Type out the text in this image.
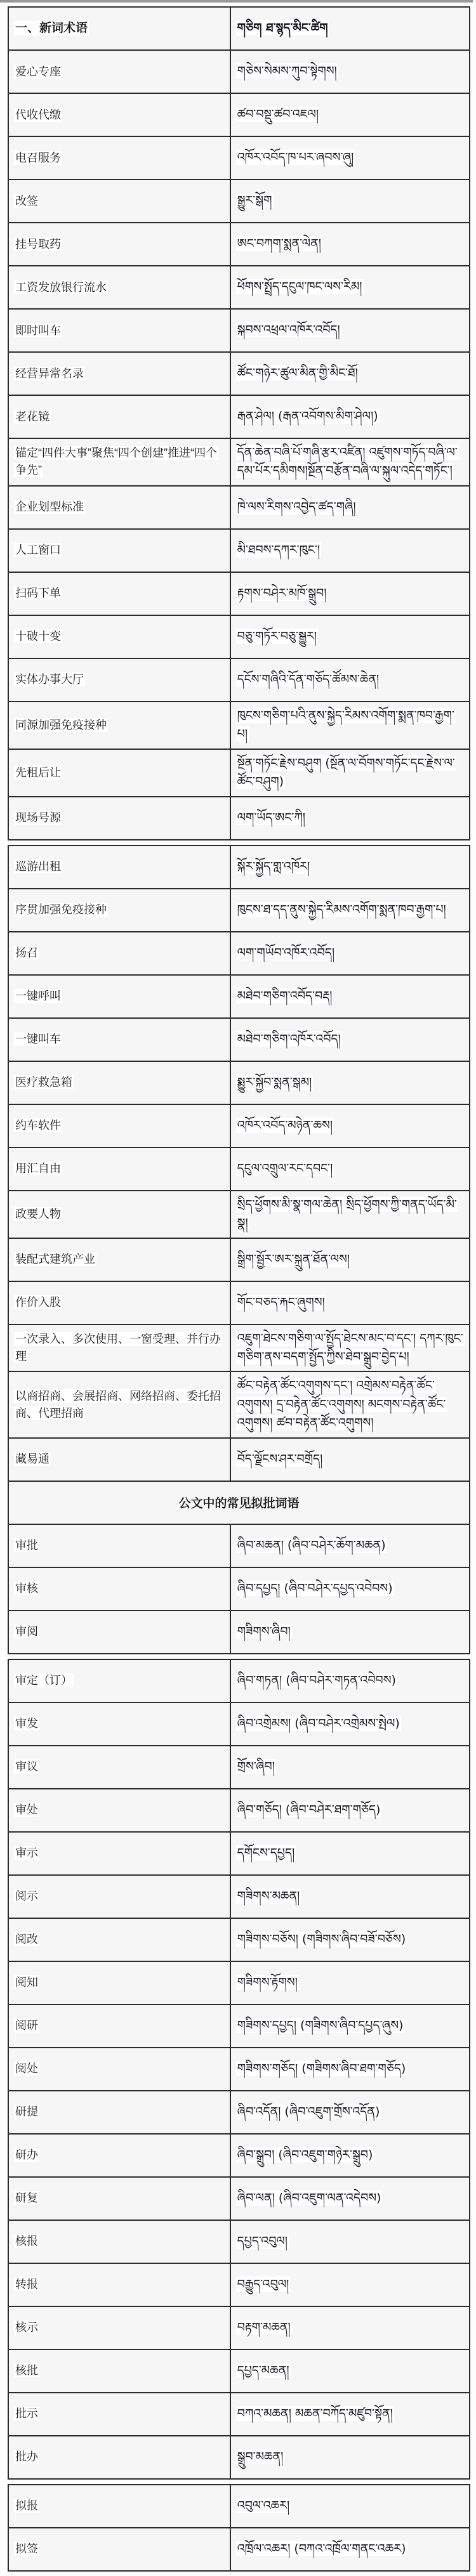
一、新词术语	གཅིག ཐ་སྙད་མིང་ཚིག
爱心专座	གཅེས་སེམས་ཀུབ་སྟེགས།
代收代缴	ཚབ་བསྡུ་ཚབ་འཇལ།
电召服务	འཁོར་འབོད་ཁ་པར་ཞབས་ཞུ།
改签	སྒྱུར་སྒོག
挂号取药	ཨང་བཀག་སྨན་ལེན།
工资发放银行流水	ཕོགས་སྤྲོད་དངུལ་ཁང་ལས་རིམ།
即时叫车	སྐབས་འཕྲལ་འཁོར་འབོད།
经营异常名录	ཚོང་གཉེར་ཚུལ་མིན་གྱི་མིང་ཐོ།
老花镜	རྒན་ཤེལ། (རྒན་འབོགས་མིག་ཤེལ།)
锚定“四件大事”聚焦“四个创建”推进“四个争先”	དོན་ཆེན་བཞི་པོ་གཞི་རྩར་འཛིན། འཛུགས་གཏོད་བཞི་ལ་དམ་པོར་དམིགས།སྔོན་བརྩོན་བཞི་ལ་སྐུལ་འདེད་གཏོང་།
企业划型标准	ཁེ་ལས་རིགས་འབྱེད་ཚད་གཞི།
人工窗口	མི་ཐབས་དཀར་ཁུང་།
扫码下单	རྟགས་བཤེར་མཁོ་སྒྲུབ།
十破十变	བཅུ་གཏོར་བཅུ་སྒྱུར།
实体办事大厅	དངོས་གཞིའི་དོན་གཅོད་ཚོམས་ཆེན།
同源加强免疫接种	ཁུངས་གཅིག་པའི་ནུས་སྐྱེད་རིམས་འགོག་སྨན་ཁབ་རྒྱག་པ།
先租后让	སྔོན་གཏོང་རྗེས་བཤུག (སྔོན་ལ་བོགས་གཏོང་དང་རྗེས་ལ་ཚོང་བཤུག)
现场号源	ལག་ཡོད་ཨང་ཀི།
巡游出租	སྐོར་སྐྱོད་གླ་འཁོར།
序贯加强免疫接种	ཁུངས་ཐ་དད་ནུས་སྐྱེད་རིམས་འགོག་སྨན་ཁབ་རྒྱག་པ།
扬召	ལག་གཡོབ་འཁོར་འབོད།
一键呼叫	མཐེབ་གཅིག་འབོད་བརྡ།
一键叫车	མཐེབ་གཅིག་འཁོར་འབོད།
医疗救急箱	སྨྱུར་སྐྱོབ་སྨན་སྒམ།
约车软件	འཁོར་འབོད་མཉེན་ཆས།
用汇自由	དངུལ་འགྲུལ་རང་དབང་།
政要人物	སྲིད་ཕྱོགས་མི་སྣ་གལ་ཆེན། སྲིད་ཕྱོགས་ཀྱི་གནད་ཡོད་མི་སྣ།
装配式建筑产业	སྒྲིག་སྦྱོར་ཨར་སྐྲུན་ཐོན་ལས།
作价入股	གོང་བཅད་རྐང་ཞུགས།
一次录入、多次使用、一窗受理、并行办理	འཇུག་ཐེངས་གཅིག་ལ་སྤྱོད་ཐེངས་མང་བ་དང་། དཀར་ཁུང་གཅིག་ནས་བདག་སྤྱོད་ཀྱིས་ཐེབ་སྒྲུབ་བྱེད་པ།
以商招商、会展招商、网络招商、委托招商、代理招商	ཚོང་བརྟེན་ཚོང་འགུགས་དང་། འགྲེམས་བརྟེན་ཚོང་འགུགས། དྲ་བརྟེན་ཚོང་འགུགས། མངགས་བརྟེན་ཚོང་འགུགས། ཚབ་བརྟེན་ཚོང་འགུགས།
藏易通	བོད་ལྗོངས་ཤར་བགྲོད།
公文中的常见拟批词语	
审批	ཞིབ་མཆན། (ཞིབ་བཤེར་ཆོག་མཆན)
审核	ཞིབ་དཔྱད། (ཞིབ་བཤེར་དཔྱད་འབེབས)
审阅	གཟིགས་ཞིབ།
审定（订）	ཞིབ་གཏན། (ཞིབ་བཤེར་གཏན་འབེབས)
审发	ཞིབ་འགྲེམས། (ཞིབ་བཤེར་འགྲེམས་སྤེལ)
审议	གྲོས་ཞིབ།
审处	ཞིབ་གཅོད། (ཞིབ་བཤེར་ཐག་གཅོད)
审示	དགོངས་དཔྱད།
阅示	གཟིགས་མཆན།
阅改	གཟིགས་བཅོས། (གཟིགས་ཞིབ་བཟོ་བཅོས)
阅知	གཟིགས་རྟོགས།
阅研	གཟིགས་དཔྱད། (གཟིགས་ཞིབ་དཔྱད་ཞུས)
阅处	གཟིགས་གཅོད། (གཟིགས་ཞིབ་ཐག་གཅོད)
研提	ཞིབ་འདོན། (ཞིབ་འཇུག་གྲོས་འདོན)
研办	ཞིབ་སྒྲུབ། (ཞིབ་འཇུག་གཉེར་སྒྲུབ)
研复	ཞིབ་ལན། (ཞིབ་འཇུག་ལན་འདེབས)
核报	དཔྱད་འབུལ།
转报	བརྒྱུད་འབུལ།
核示	བརྟག་མཆན།
核批	དཔྱད་མཆན།
批示	བཀའ་མཆན། མཆན་བཀོད་མཛུབ་སྟོན།
批办	སྒྲུབ་མཆན།
拟报	འབུལ་འཆར།
拟签	འཁྲོལ་འཆར། (བཀའ་འཁྲོལ་གནང་འཆར)
